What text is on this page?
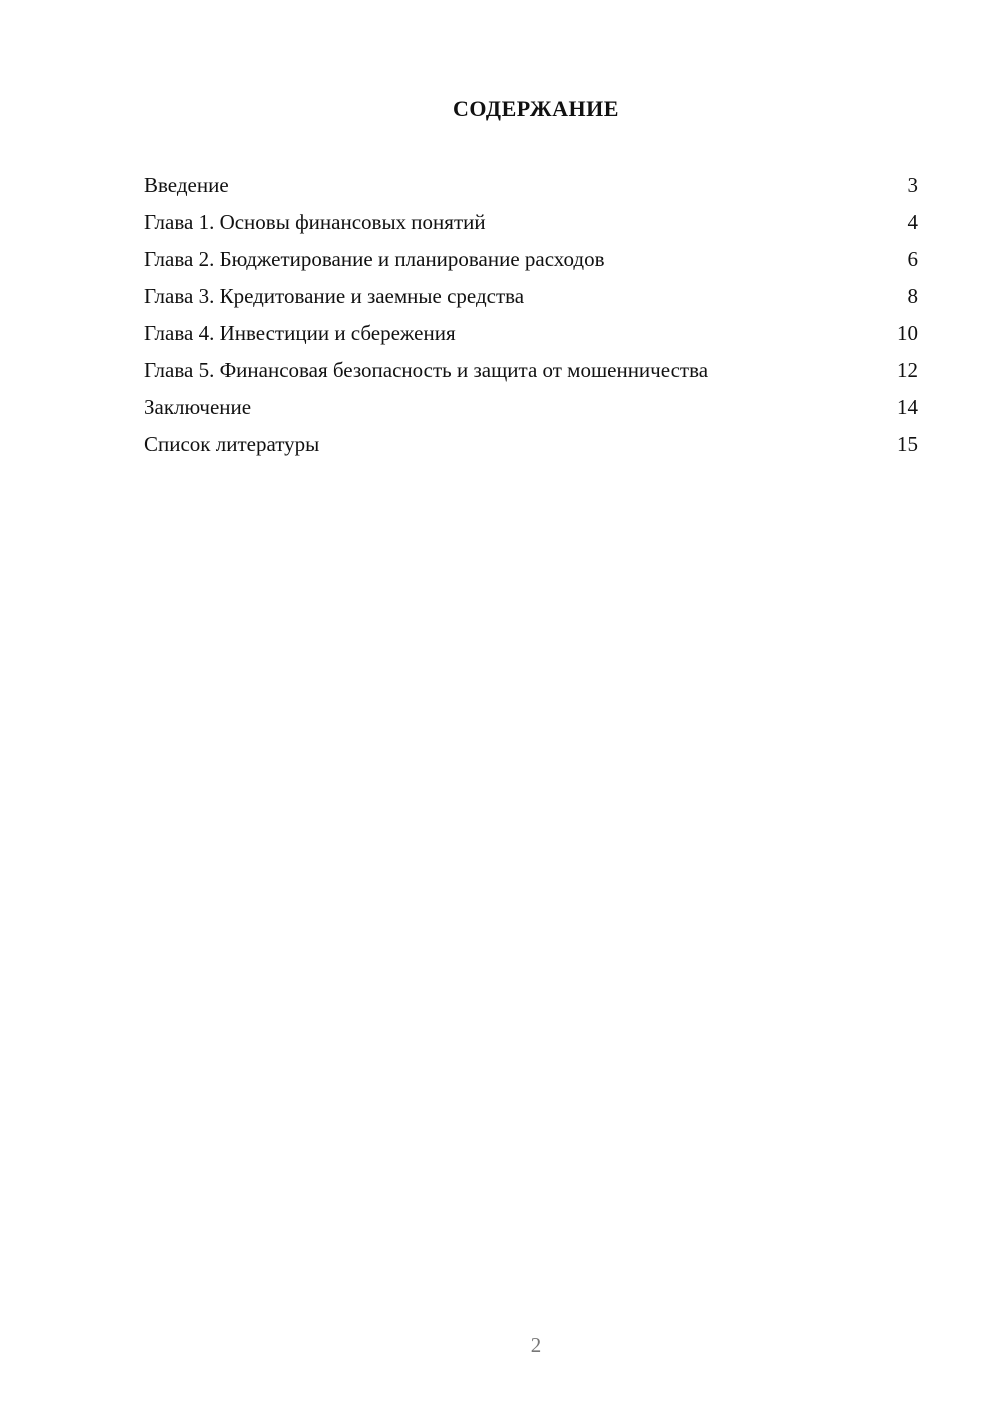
СОДЕРЖАНИЕ
Введение	3
Глава 1. Основы финансовых понятий	4
Глава 2. Бюджетирование и планирование расходов	6
Глава 3. Кредитование и заемные средства	8
Глава 4. Инвестиции и сбережения	10
Глава 5. Финансовая безопасность и защита от мошенничества	12
Заключение	14
Список литературы	15
2
